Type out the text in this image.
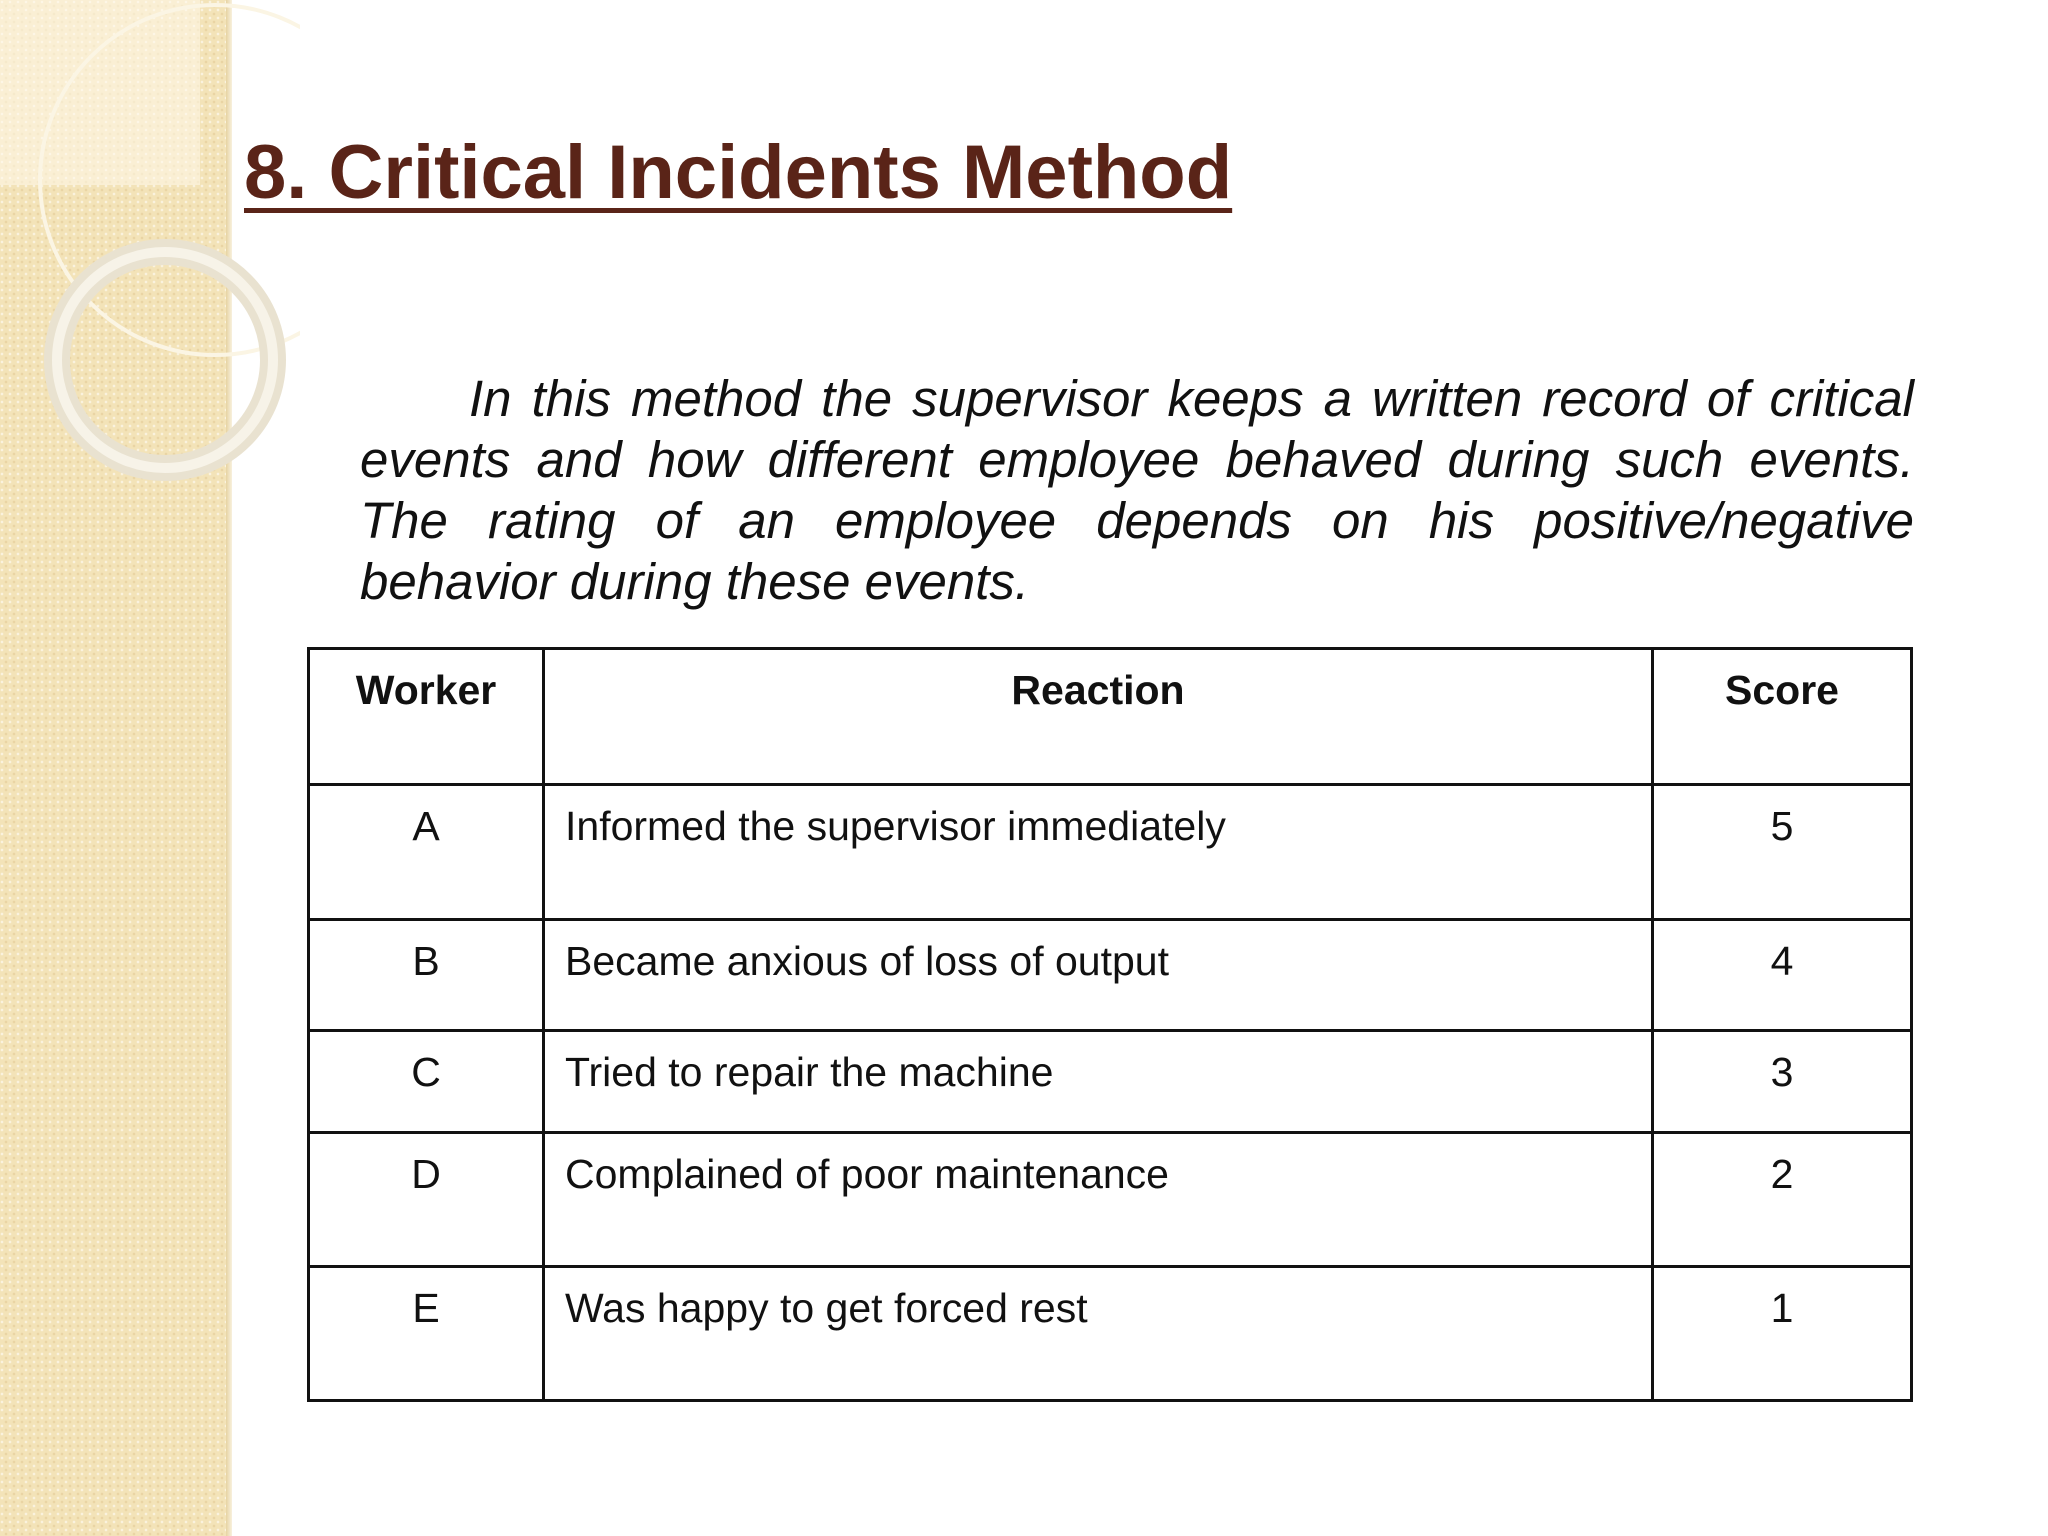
8. Critical Incidents Method

In this method the supervisor keeps a written record of critical events and how different employee behaved during such events. The rating of an employee depends on his positive/negative behavior during these events.

Worker	Reaction	Score
A	Informed the supervisor immediately	5
B	Became anxious of loss of output	4
C	Tried to repair the machine	3
D	Complained of poor maintenance	2
E	Was happy to get forced rest	1
